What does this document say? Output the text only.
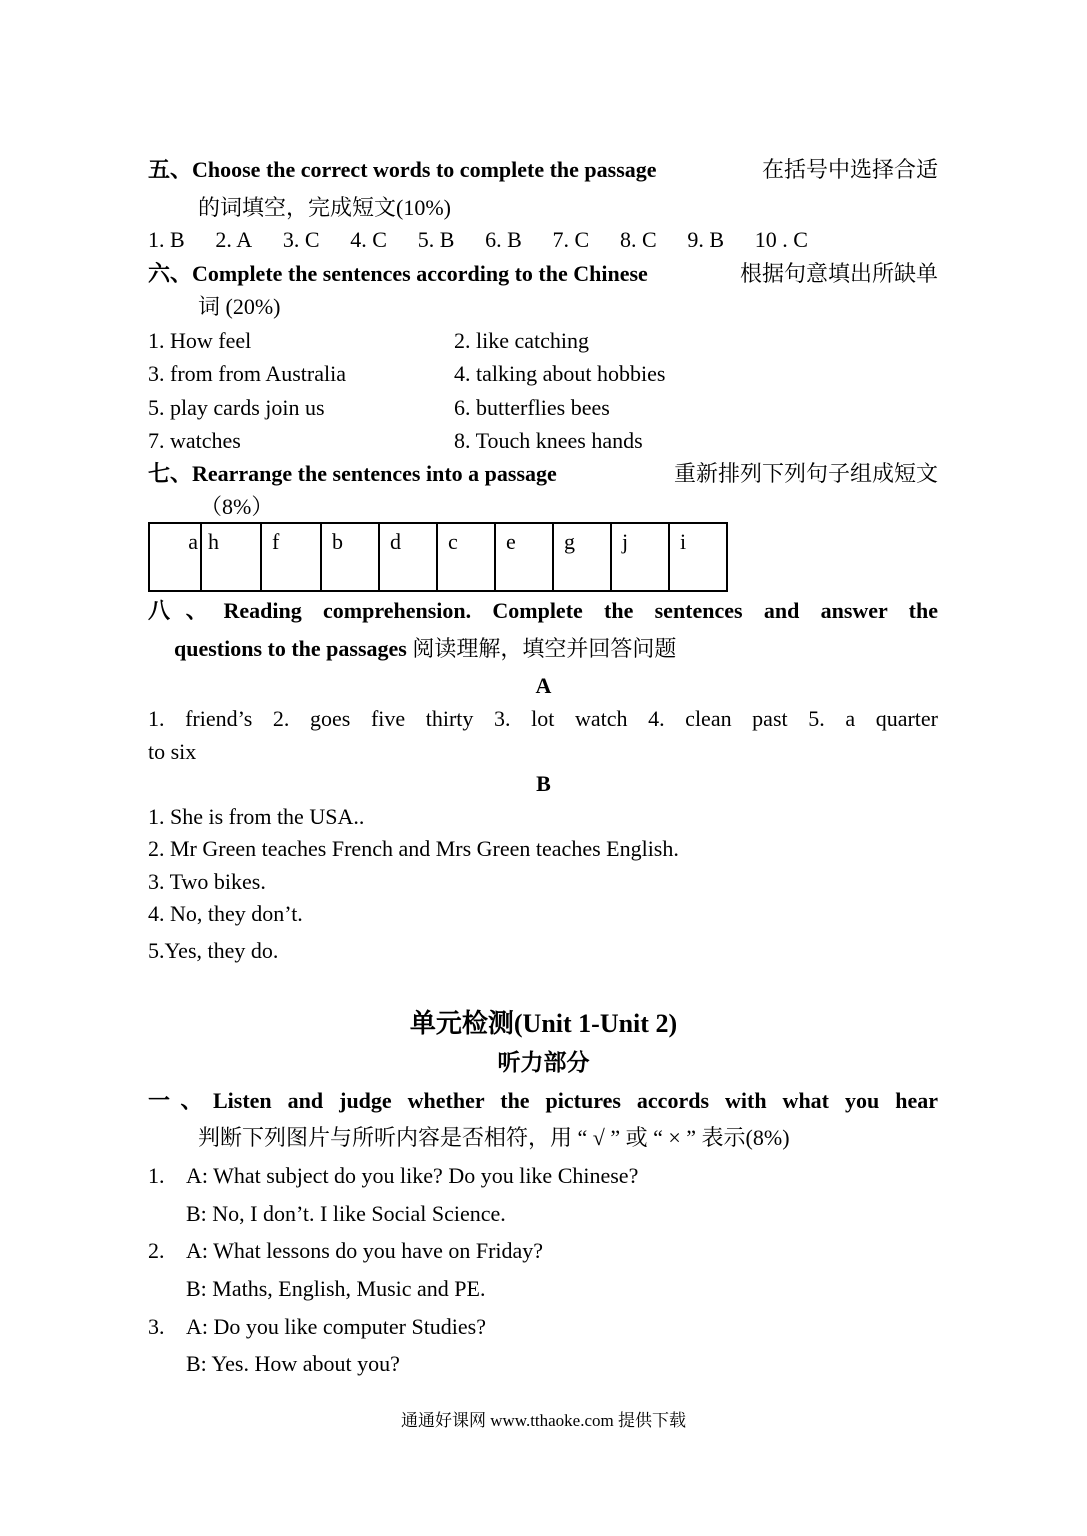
五、Choose the correct words to complete the passage	在括号中选择合适
的词填空，完成短文(10%)
1. B 2. A 3. C 4. C 5. B 6. B 7. C 8. C 9. B 10 . C
六、Complete the sentences according to the Chinese	根据句意填出所缺单
词 (20%)
1. How feel	2. like catching
3. from from Australia	4. talking about hobbies
5. play cards join us	6. butterflies bees
7. watches	8. Touch knees hands
七、Rearrange the sentences into a passage	重新排列下列句子组成短文
（8%）
a	h	f	b	d	c	e	g	j	i
八、Reading comprehension. Complete the sentences and answer the
questions to the passages 阅读理解，填空并回答问题
A
1. friend’s 2. goes five thirty 3. lot watch 4. clean past 5. a quarter
to six
B
1. She is from the USA..
2. Mr Green teaches French and Mrs Green teaches English.
3. Two bikes.
4. No, they don’t.
5.Yes, they do.
单元检测(Unit 1-Unit 2)
听力部分
一、Listen and judge whether the pictures accords with what you hear
判断下列图片与所听内容是否相符，用 “ √ ” 或 “ × ” 表示(8%)
1. A: What subject do you like? Do you like Chinese?
B: No, I don’t. I like Social Science.
2. A: What lessons do you have on Friday?
B: Maths, English, Music and PE.
3. A: Do you like computer Studies?
B: Yes. How about you?
通通好课网 www.tthaoke.com 提供下载
